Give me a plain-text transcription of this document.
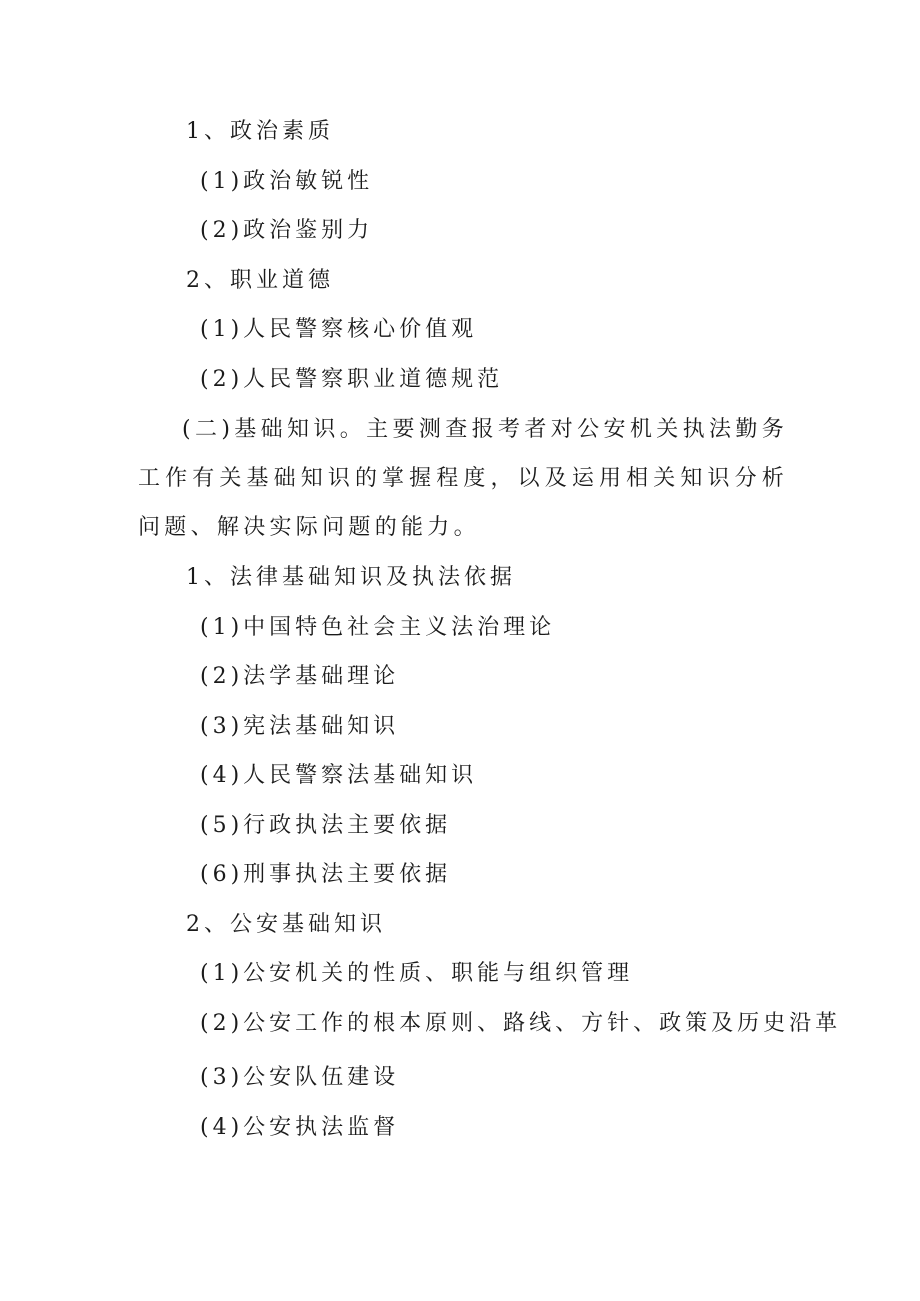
1、政治素质
(1)政治敏锐性
(2)政治鉴别力
2、职业道德
(1)人民警察核心价值观
(2)人民警察职业道德规范
(二)基础知识。主要测查报考者对公安机关执法勤务工作有关基础知识的掌握程度，以及运用相关知识分析问题、解决实际问题的能力。
1、法律基础知识及执法依据
(1)中国特色社会主义法治理论
(2)法学基础理论
(3)宪法基础知识
(4)人民警察法基础知识
(5)行政执法主要依据
(6)刑事执法主要依据
2、公安基础知识
(1)公安机关的性质、职能与组织管理
(2)公安工作的根本原则、路线、方针、政策及历史沿革
(3)公安队伍建设
(4)公安执法监督
